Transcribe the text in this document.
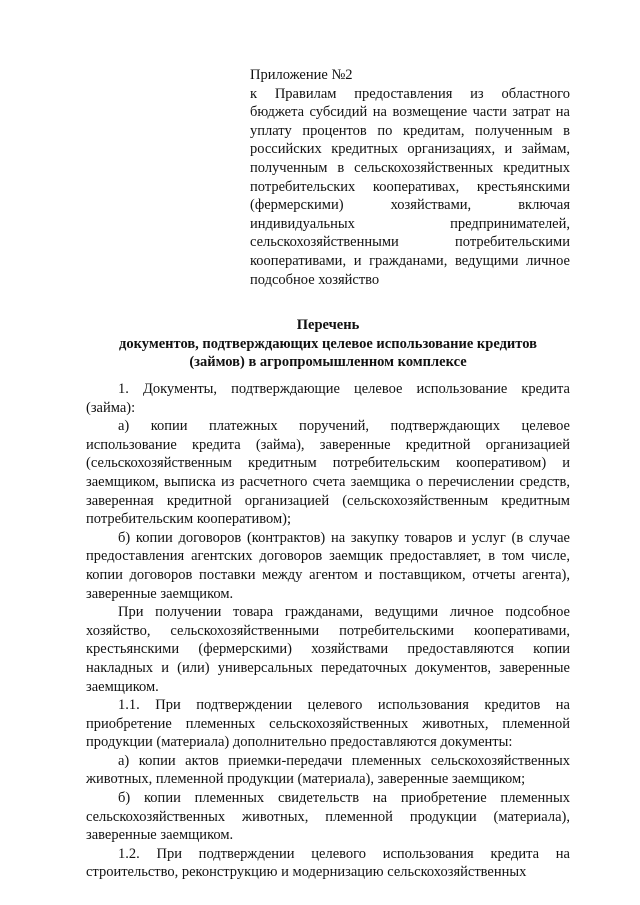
Приложение №2
к Правилам предоставления из областного бюджета субсидий на возмещение части затрат на уплату процентов по кредитам, полученным в российских кредитных организациях, и займам, полученным в сельскохозяйственных кредитных потребительских кооперативах, крестьянскими (фермерскими) хозяйствами, включая индивидуальных предпринимателей, сельскохозяйственными потребительскими кооперативами, и гражданами, ведущими личное подсобное хозяйство
Перечень
документов, подтверждающих целевое использование кредитов
(займов) в агропромышленном комплексе

1. Документы, подтверждающие целевое использование кредита (займа):

а) копии платежных поручений, подтверждающих целевое использование кредита (займа), заверенные кредитной организацией (сельскохозяйственным кредитным потребительским кооперативом) и заемщиком, выписка из расчетного счета заемщика о перечислении средств, заверенная кредитной организацией (сельскохозяйственным кредитным потребительским кооперативом);

б) копии договоров (контрактов) на закупку товаров и услуг (в случае предоставления агентских договоров заемщик предоставляет, в том числе, копии договоров поставки между агентом и поставщиком, отчеты агента), заверенные заемщиком.

При получении товара гражданами, ведущими личное подсобное хозяйство, сельскохозяйственными потребительскими кооперативами, крестьянскими (фермерскими) хозяйствами предоставляются копии накладных и (или) универсальных передаточных документов, заверенные заемщиком.

1.1. При подтверждении целевого использования кредитов на приобретение племенных сельскохозяйственных животных, племенной продукции (материала) дополнительно предоставляются документы:

а) копии актов приемки-передачи племенных сельскохозяйственных животных, племенной продукции (материала), заверенные заемщиком;

б) копии племенных свидетельств на приобретение племенных сельскохозяйственных животных, племенной продукции (материала), заверенные заемщиком.

1.2. При подтверждении целевого использования кредита на строительство, реконструкцию и модернизацию сельскохозяйственных
